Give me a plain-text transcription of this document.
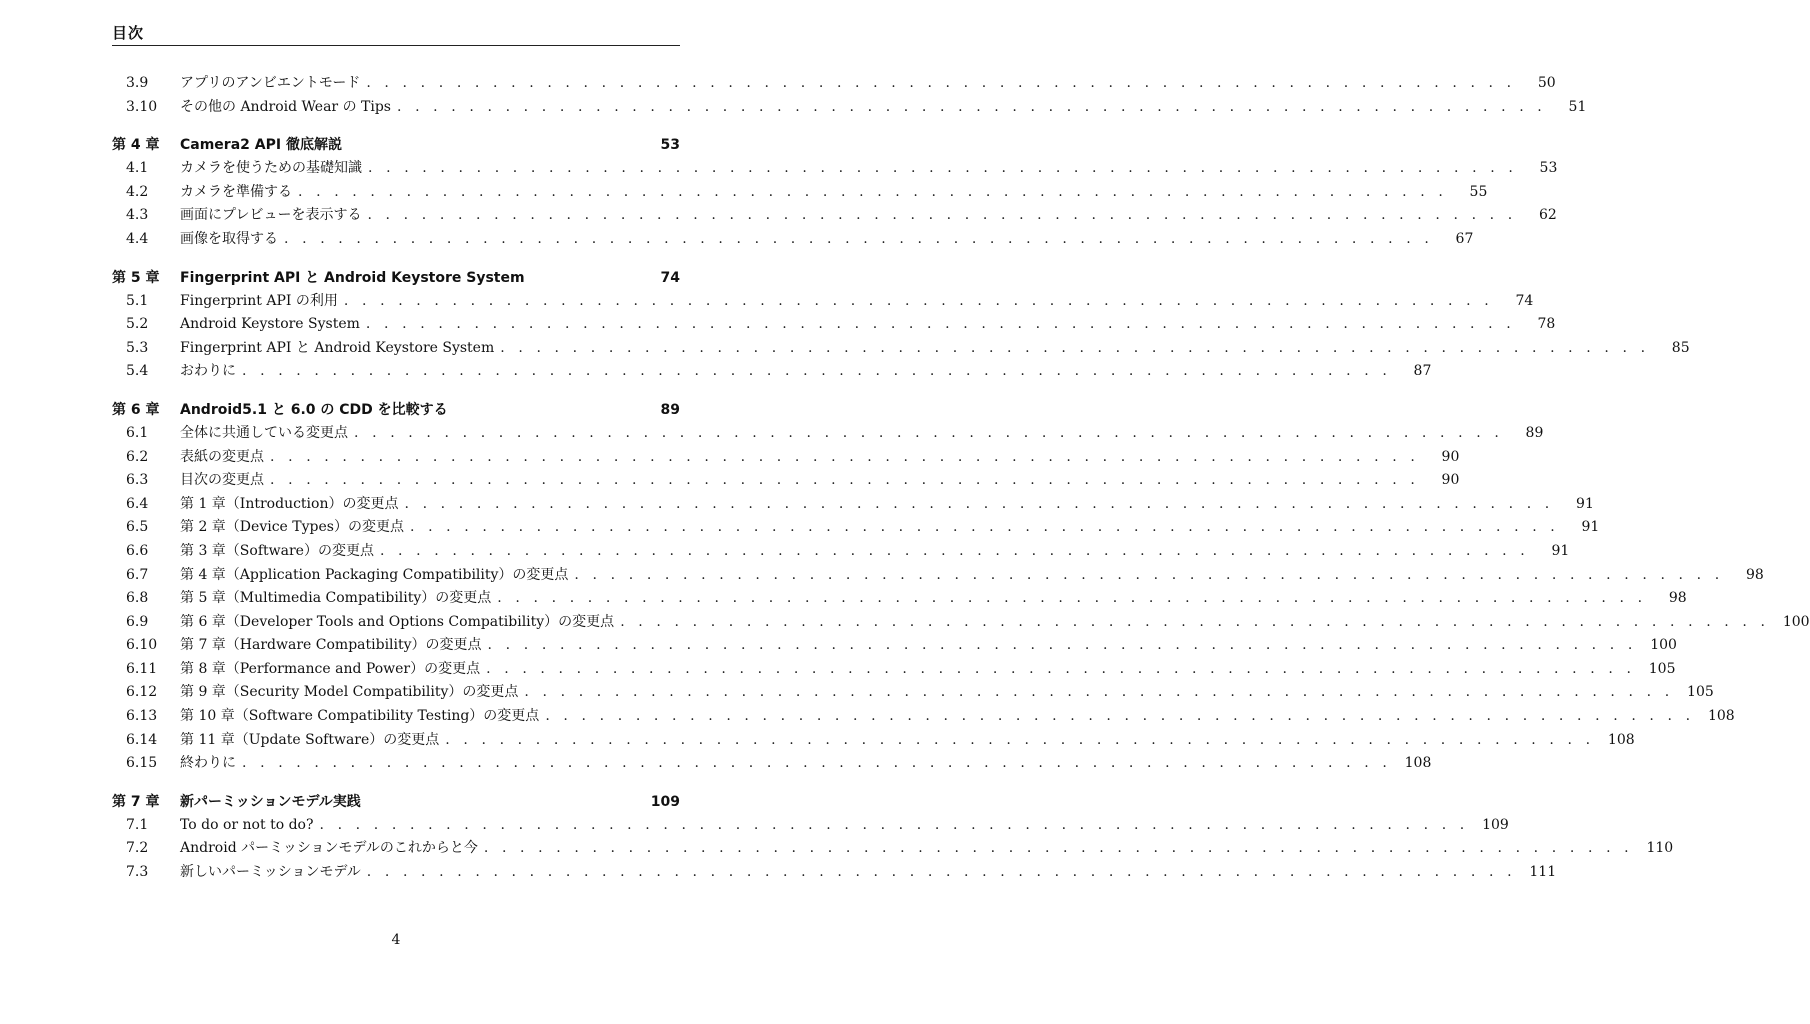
目次
3.9	アプリのアンビエントモード . . . . . . . . . . . . . . . . . . . . . . . . . . . . . . . . . . . . . . . . . . . . . . . . . . . . . . . . . . . . . . . .	50
3.10	その他の Android Wear の Tips . . . . . . . . . . . . . . . . . . . . . . . . . . . . . . . . . . . . . . . . . . . . . . . . . . . . . . . . . . . . . . . .	51
第 4 章	Camera2 API 徹底解説	53
4.1	カメラを使うための基礎知識 . . . . . . . . . . . . . . . . . . . . . . . . . . . . . . . . . . . . . . . . . . . . . . . . . . . . . . . . . . . . . . . .	53
4.2	カメラを準備する . . . . . . . . . . . . . . . . . . . . . . . . . . . . . . . . . . . . . . . . . . . . . . . . . . . . . . . . . . . . . . . .	55
4.3	画面にプレビューを表示する . . . . . . . . . . . . . . . . . . . . . . . . . . . . . . . . . . . . . . . . . . . . . . . . . . . . . . . . . . . . . . . .	62
4.4	画像を取得する . . . . . . . . . . . . . . . . . . . . . . . . . . . . . . . . . . . . . . . . . . . . . . . . . . . . . . . . . . . . . . . .	67
第 5 章	Fingerprint API と Android Keystore System	74
5.1	Fingerprint API の利用 . . . . . . . . . . . . . . . . . . . . . . . . . . . . . . . . . . . . . . . . . . . . . . . . . . . . . . . . . . . . . . . .	74
5.2	Android Keystore System . . . . . . . . . . . . . . . . . . . . . . . . . . . . . . . . . . . . . . . . . . . . . . . . . . . . . . . . . . . . . . . .	78
5.3	Fingerprint API と Android Keystore System . . . . . . . . . . . . . . . . . . . . . . . . . . . . . . . . . . . . . . . . . . . . . . . . . . . . . . . . . . . . . . . .	85
5.4	おわりに . . . . . . . . . . . . . . . . . . . . . . . . . . . . . . . . . . . . . . . . . . . . . . . . . . . . . . . . . . . . . . . .	87
第 6 章	Android5.1 と 6.0 の CDD を比較する	89
6.1	全体に共通している変更点 . . . . . . . . . . . . . . . . . . . . . . . . . . . . . . . . . . . . . . . . . . . . . . . . . . . . . . . . . . . . . . . .	89
6.2	表紙の変更点 . . . . . . . . . . . . . . . . . . . . . . . . . . . . . . . . . . . . . . . . . . . . . . . . . . . . . . . . . . . . . . . .	90
6.3	目次の変更点 . . . . . . . . . . . . . . . . . . . . . . . . . . . . . . . . . . . . . . . . . . . . . . . . . . . . . . . . . . . . . . . .	90
6.4	第 1 章（Introduction）の変更点 . . . . . . . . . . . . . . . . . . . . . . . . . . . . . . . . . . . . . . . . . . . . . . . . . . . . . . . . . . . . . . . .	91
6.5	第 2 章（Device Types）の変更点 . . . . . . . . . . . . . . . . . . . . . . . . . . . . . . . . . . . . . . . . . . . . . . . . . . . . . . . . . . . . . . . .	91
6.6	第 3 章（Software）の変更点 . . . . . . . . . . . . . . . . . . . . . . . . . . . . . . . . . . . . . . . . . . . . . . . . . . . . . . . . . . . . . . . .	91
6.7	第 4 章（Application Packaging Compatibility）の変更点 . . . . . . . . . . . . . . . . . . . . . . . . . . . . . . . . . . . . . . . . . . . . . . . . . . . . . . . . . . . . . . . .	98
6.8	第 5 章（Multimedia Compatibility）の変更点 . . . . . . . . . . . . . . . . . . . . . . . . . . . . . . . . . . . . . . . . . . . . . . . . . . . . . . . . . . . . . . . .	98
6.9	第 6 章（Developer Tools and Options Compatibility）の変更点 . . . . . . . . . . . . . . . . . . . . . . . . . . . . . . . . . . . . . . . . . . . . . . . . . . . . . . . . . . . . . . . . 100
6.10	第 7 章（Hardware Compatibility）の変更点 . . . . . . . . . . . . . . . . . . . . . . . . . . . . . . . . . . . . . . . . . . . . . . . . . . . . . . . . . . . . . . . . 100
6.11	第 8 章（Performance and Power）の変更点 . . . . . . . . . . . . . . . . . . . . . . . . . . . . . . . . . . . . . . . . . . . . . . . . . . . . . . . . . . . . . . . . 105
6.12	第 9 章（Security Model Compatibility）の変更点 . . . . . . . . . . . . . . . . . . . . . . . . . . . . . . . . . . . . . . . . . . . . . . . . . . . . . . . . . . . . . . . . 105
6.13	第 10 章（Software Compatibility Testing）の変更点 . . . . . . . . . . . . . . . . . . . . . . . . . . . . . . . . . . . . . . . . . . . . . . . . . . . . . . . . . . . . . . . . 108
6.14	第 11 章（Update Software）の変更点 . . . . . . . . . . . . . . . . . . . . . . . . . . . . . . . . . . . . . . . . . . . . . . . . . . . . . . . . . . . . . . . . 108
6.15	終わりに . . . . . . . . . . . . . . . . . . . . . . . . . . . . . . . . . . . . . . . . . . . . . . . . . . . . . . . . . . . . . . . . 108
第 7 章	新パーミッションモデル実践	109
7.1	To do or not to do? . . . . . . . . . . . . . . . . . . . . . . . . . . . . . . . . . . . . . . . . . . . . . . . . . . . . . . . . . . . . . . . . 109
7.2	Android パーミッションモデルのこれからと今 . . . . . . . . . . . . . . . . . . . . . . . . . . . . . . . . . . . . . . . . . . . . . . . . . . . . . . . . . . . . . . . . 110
7.3	新しいパーミッションモデル . . . . . . . . . . . . . . . . . . . . . . . . . . . . . . . . . . . . . . . . . . . . . . . . . . . . . . . . . . . . . . . . 111
4
